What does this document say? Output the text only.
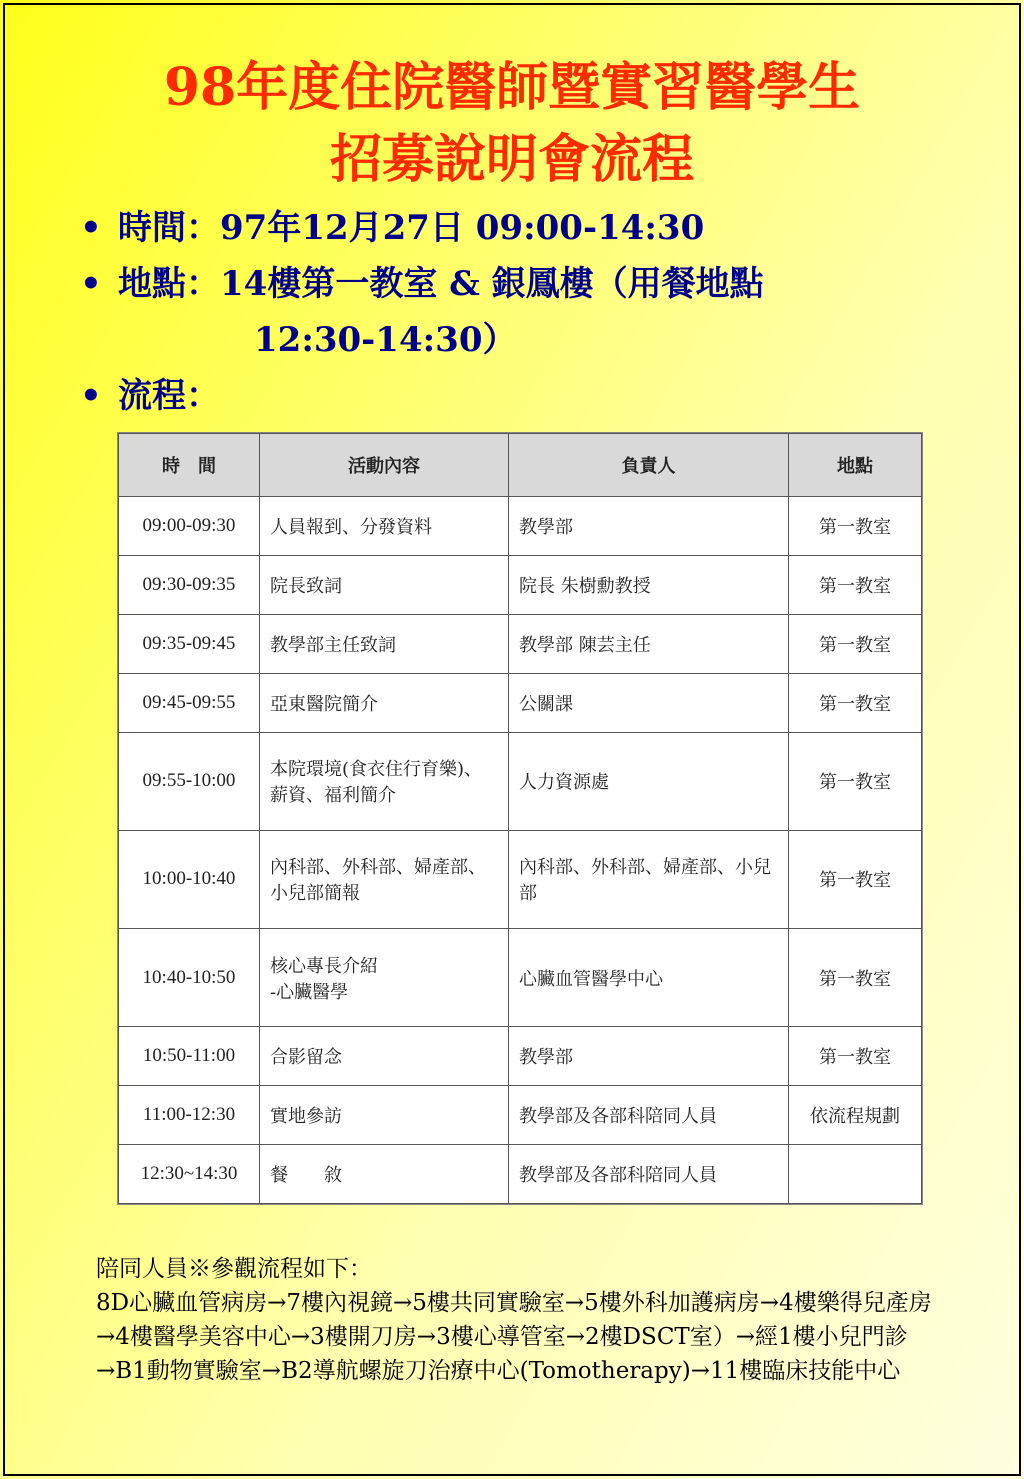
98年度住院醫師暨實習醫學生
招募說明會流程
• 時間：97年12月27日 09:00-14:30
• 地點：14樓第一教室 & 銀鳳樓（用餐地點
12:30-14:30）
• 流程：
時　間	活動內容	負責人	地點
09:00-09:30	人員報到、分發資料	教學部	第一教室
09:30-09:35	院長致詞	院長 朱樹勳教授	第一教室
09:35-09:45	教學部主任致詞	教學部 陳芸主任	第一教室
09:45-09:55	亞東醫院簡介	公關課	第一教室
09:55-10:00	本院環境(食衣住行育樂)、薪資、福利簡介	人力資源處	第一教室
10:00-10:40	內科部、外科部、婦產部、小兒部簡報	內科部、外科部、婦產部、小兒部	第一教室
10:40-10:50	核心專長介紹
-心臟醫學	心臟血管醫學中心	第一教室
10:50-11:00	合影留念	教學部	第一教室
11:00-12:30	實地參訪	教學部及各部科陪同人員	依流程規劃
12:30~14:30	餐　　敘	教學部及各部科陪同人員	
陪同人員※參觀流程如下：
8D心臟血管病房→7樓內視鏡→5樓共同實驗室→5樓外科加護病房→4樓樂得兒產房→4樓醫學美容中心→3樓開刀房→3樓心導管室→2樓DSCT室）→經1樓小兒門診→B1動物實驗室→B2導航螺旋刀治療中心(Tomotherapy)→11樓臨床技能中心
